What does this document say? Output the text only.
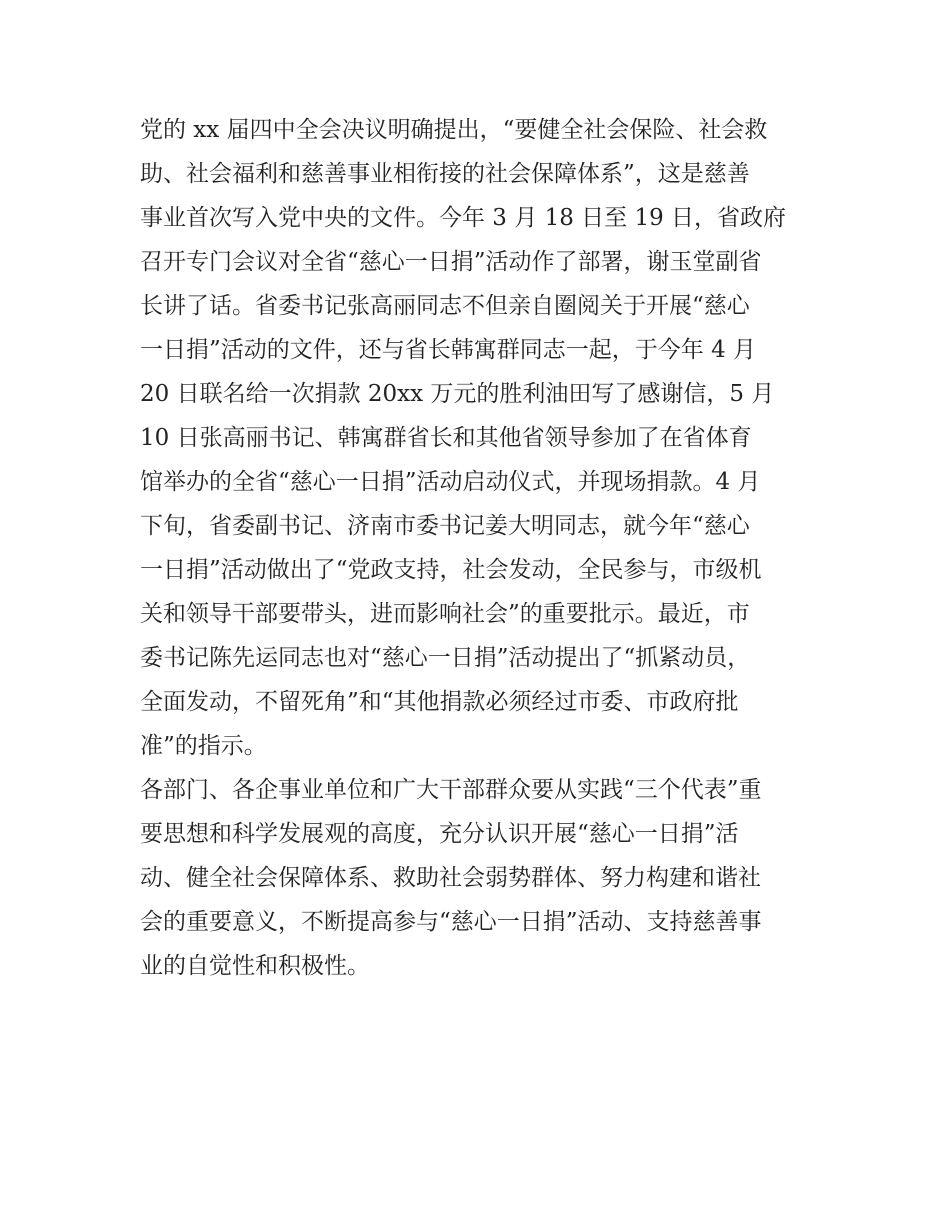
党的 xx 届四中全会决议明确提出，“要健全社会保险、社会救
助、社会福利和慈善事业相衔接的社会保障体系”，这是慈善
事业首次写入党中央的文件。今年 3 月 18 日至 19 日，省政府
召开专门会议对全省“慈心一日捐”活动作了部署，谢玉堂副省
长讲了话。省委书记张高丽同志不但亲自圈阅关于开展“慈心
一日捐”活动的文件，还与省长韩寓群同志一起，于今年 4 月
20 日联名给一次捐款 20xx 万元的胜利油田写了感谢信，5 月
10 日张高丽书记、韩寓群省长和其他省领导参加了在省体育
馆举办的全省“慈心一日捐”活动启动仪式，并现场捐款。4 月
下旬，省委副书记、济南市委书记姜大明同志，就今年“慈心
一日捐”活动做出了“党政支持，社会发动，全民参与，市级机
关和领导干部要带头，进而影响社会”的重要批示。最近，市
委书记陈先运同志也对“慈心一日捐”活动提出了“抓紧动员，
全面发动，不留死角”和“其他捐款必须经过市委、市政府批
准”的指示。
各部门、各企事业单位和广大干部群众要从实践“三个代表”重
要思想和科学发展观的高度，充分认识开展“慈心一日捐”活
动、健全社会保障体系、救助社会弱势群体、努力构建和谐社
会的重要意义，不断提高参与“慈心一日捐”活动、支持慈善事
业的自觉性和积极性。
